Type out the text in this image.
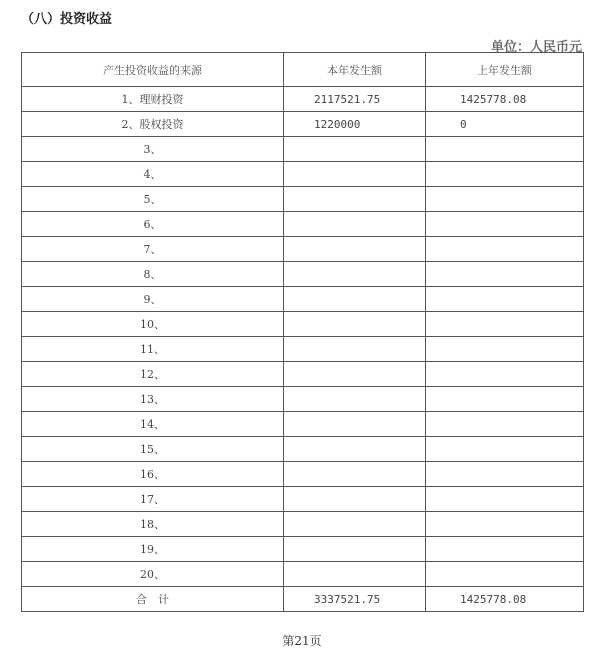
（八）投资收益
单位：人民币元
产生投资收益的来源	本年发生额	上年发生额
1、理财投资	2117521.75	1425778.08
2、股权投资	1220000	0
3、		
4、		
5、		
6、		
7、		
8、		
9、		
10、		
11、		
12、		
13、		
14、		
15、		
16、		
17、		
18、		
19、		
20、		
合　计	3337521.75	1425778.08
第21页
